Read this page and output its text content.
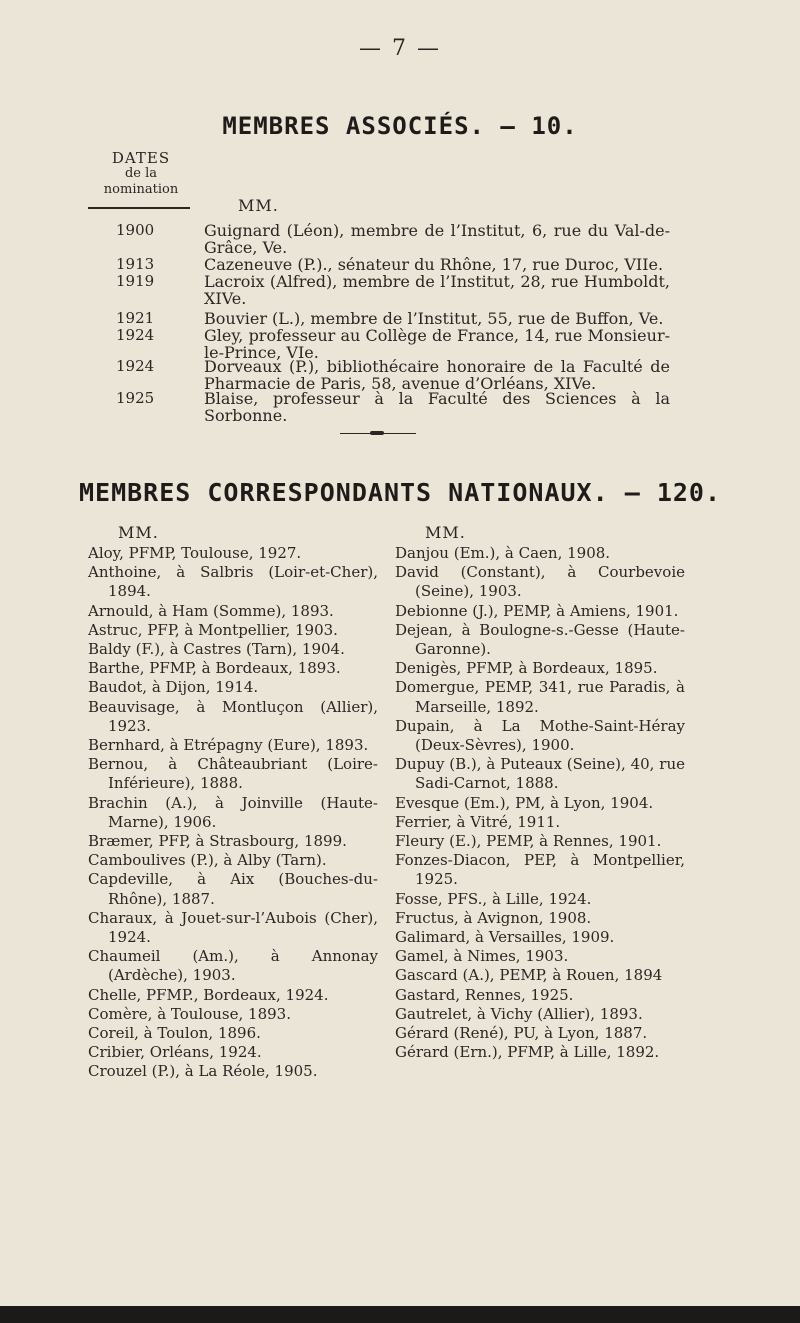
— 7 —
MEMBRES ASSOCIÉS. — 10.
DATES
de la
nomination
MM.
1900	Guignard (Léon), membre de l’Institut, 6, rue du Val-de-Grâce, Ve.
1913	Cazeneuve (P.)., sénateur du Rhône, 17, rue Duroc, VIIe.
1919	Lacroix (Alfred), membre de l’Institut, 28, rue Humboldt, XIVe.
1921	Bouvier (L.), membre de l’Institut, 55, rue de Buffon, Ve.
1924	Gley, professeur au Collège de France, 14, rue Monsieur-le-Prince, VIe.
1924	Dorveaux (P.), bibliothécaire honoraire de la Faculté de Pharmacie de Paris, 58, avenue d’Orléans, XIVe.
1925	Blaise, professeur à la Faculté des Sciences à la Sorbonne.
MEMBRES CORRESPONDANTS NATIONAUX. — 120.
MM.

Aloy, PFMP, Toulouse, 1927.

Anthoine, à Salbris (Loir-et-Cher), 1894.

Arnould, à Ham (Somme), 1893.

Astruc, PFP, à Montpellier, 1903.

Baldy (F.), à Castres (Tarn), 1904.

Barthe, PFMP, à Bordeaux, 1893.

Baudot, à Dijon, 1914.

Beauvisage, à Montluçon (Allier), 1923.

Bernhard, à Etrépagny (Eure), 1893.

Bernou, à Châteaubriant (Loire-Inférieure), 1888.

Brachin (A.), à Joinville (Haute-Marne), 1906.

Bræmer, PFP, à Strasbourg, 1899.

Camboulives (P.), à Alby (Tarn).

Capdeville, à Aix (Bouches-du-Rhône), 1887.

Charaux, à Jouet-sur-l’Aubois (Cher), 1924.

Chaumeil (Am.), à Annonay (Ardèche), 1903.

Chelle, PFMP., Bordeaux, 1924.

Comère, à Toulouse, 1893.

Coreil, à Toulon, 1896.

Cribier, Orléans, 1924.

Crouzel (P.), à La Réole, 1905.

MM.

Danjou (Em.), à Caen, 1908.

David (Constant), à Courbevoie (Seine), 1903.

Debionne (J.), PEMP, à Amiens, 1901.

Dejean, à Boulogne-s.-Gesse (Haute-Garonne).

Denigès, PFMP, à Bordeaux, 1895.

Domergue, PEMP, 341, rue Paradis, à Marseille, 1892.

Dupain, à La Mothe-Saint-Héray (Deux-Sèvres), 1900.

Dupuy (B.), à Puteaux (Seine), 40, rue Sadi-Carnot, 1888.

Evesque (Em.), PM, à Lyon, 1904.

Ferrier, à Vitré, 1911.

Fleury (E.), PEMP, à Rennes, 1901.

Fonzes-Diacon, PEP, à Montpellier, 1925.

Fosse, PFS., à Lille, 1924.

Fructus, à Avignon, 1908.

Galimard, à Versailles, 1909.

Gamel, à Nimes, 1903.

Gascard (A.), PEMP, à Rouen, 1894

Gastard, Rennes, 1925.

Gautrelet, à Vichy (Allier), 1893.

Gérard (René), PU, à Lyon, 1887.

Gérard (Ern.), PFMP, à Lille, 1892.
